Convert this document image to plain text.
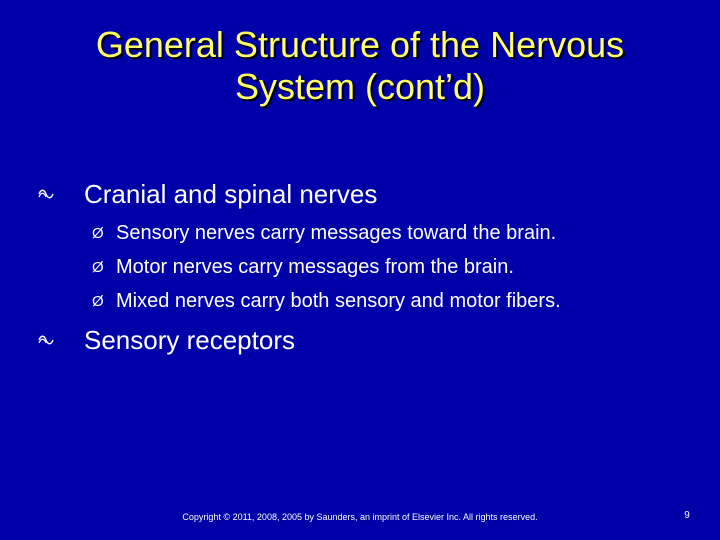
General Structure of the Nervous
System (cont’d)
Cranial and spinal nerves
Ø Sensory nerves carry messages toward the brain.
Ø Motor nerves carry messages from the brain.
Ø Mixed nerves carry both sensory and motor fibers.
Sensory receptors
Copyright © 2011, 2008, 2005 by Saunders, an imprint of Elsevier Inc. All rights reserved.	9
